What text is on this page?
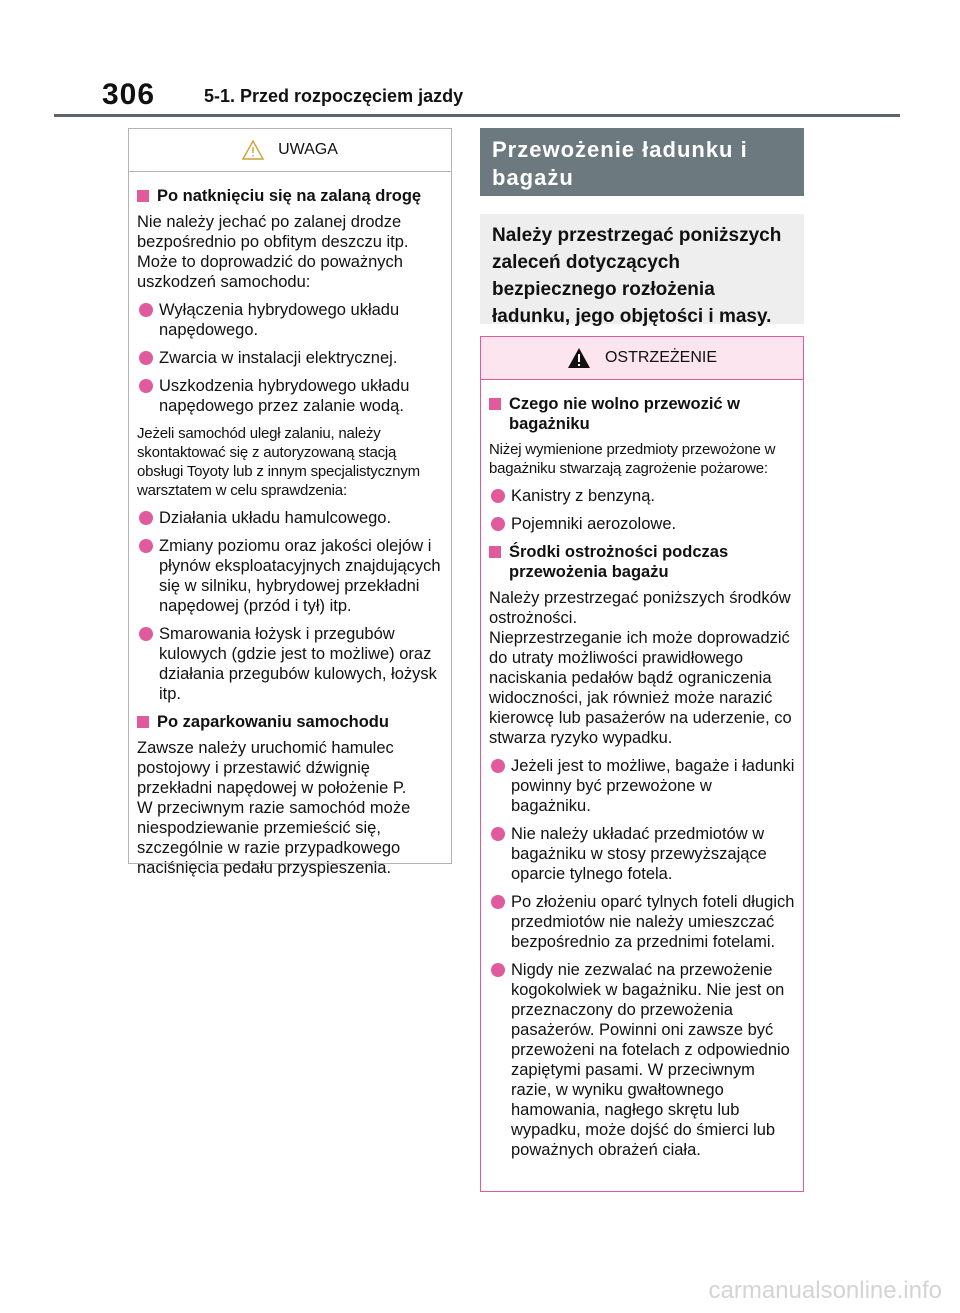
306	5-1. Przed rozpoczęciem jazdy
UWAGA
Po natknięciu się na zalaną drogę

Nie należy jechać po zalanej drodze bezpośrednio po obfitym deszczu itp. Może to doprowadzić do poważnych uszkodzeń samochodu:

Wyłączenia hybrydowego układu napędowego.
Zwarcia w instalacji elektrycznej.
Uszkodzenia hybrydowego układu napędowego przez zalanie wodą.

Jeżeli samochód uległ zalaniu, należy skontaktować się z autoryzowaną stacją obsługi Toyoty lub z innym specjalistycznym warsztatem w celu sprawdzenia:

Działania układu hamulcowego.
Zmiany poziomu oraz jakości olejów i płynów eksploatacyjnych znajdujących się w silniku, hybrydowej przekładni napędowej (przód i tył) itp.
Smarowania łożysk i przegubów kulowych (gdzie jest to możliwe) oraz działania przegubów kulowych, łożysk itp.
Po zaparkowaniu samochodu

Zawsze należy uruchomić hamulec postojowy i przestawić dźwignię przekładni napędowej w położenie P.
W przeciwnym razie samochód może niespodziewanie przemieścić się, szczególnie w razie przypadkowego naciśnięcia pedału przyspieszenia.

Przewożenie ładunku i bagażu
Należy przestrzegać poniższych zaleceń dotyczących bezpiecznego rozłożenia ładunku, jego objętości i masy.
OSTRZEŻENIE
Czego nie wolno przewozić w bagażniku

Niżej wymienione przedmioty przewożone w bagażniku stwarzają zagrożenie pożarowe:

Kanistry z benzyną.
Pojemniki aerozolowe.
Środki ostrożności podczas przewożenia bagażu

Należy przestrzegać poniższych środków ostrożności.
Nieprzestrzeganie ich może doprowadzić do utraty możliwości prawidłowego naciskania pedałów bądź ograniczenia widoczności, jak również może narazić kierowcę lub pasażerów na uderzenie, co stwarza ryzyko wypadku.

Jeżeli jest to możliwe, bagaże i ładunki powinny być przewożone w bagażniku.
Nie należy układać przedmiotów w bagażniku w stosy przewyższające oparcie tylnego fotela.
Po złożeniu oparć tylnych foteli długich przedmiotów nie należy umieszczać bezpośrednio za przednimi fotelami.
Nigdy nie zezwalać na przewożenie kogokolwiek w bagażniku. Nie jest on przeznaczony do przewożenia pasażerów. Powinni oni zawsze być przewożeni na fotelach z odpowiednio zapiętymi pasami. W przeciwnym razie, w wyniku gwałtownego hamowania, nagłego skrętu lub wypadku, może dojść do śmierci lub poważnych obrażeń ciała.
carmanualsonline.info
